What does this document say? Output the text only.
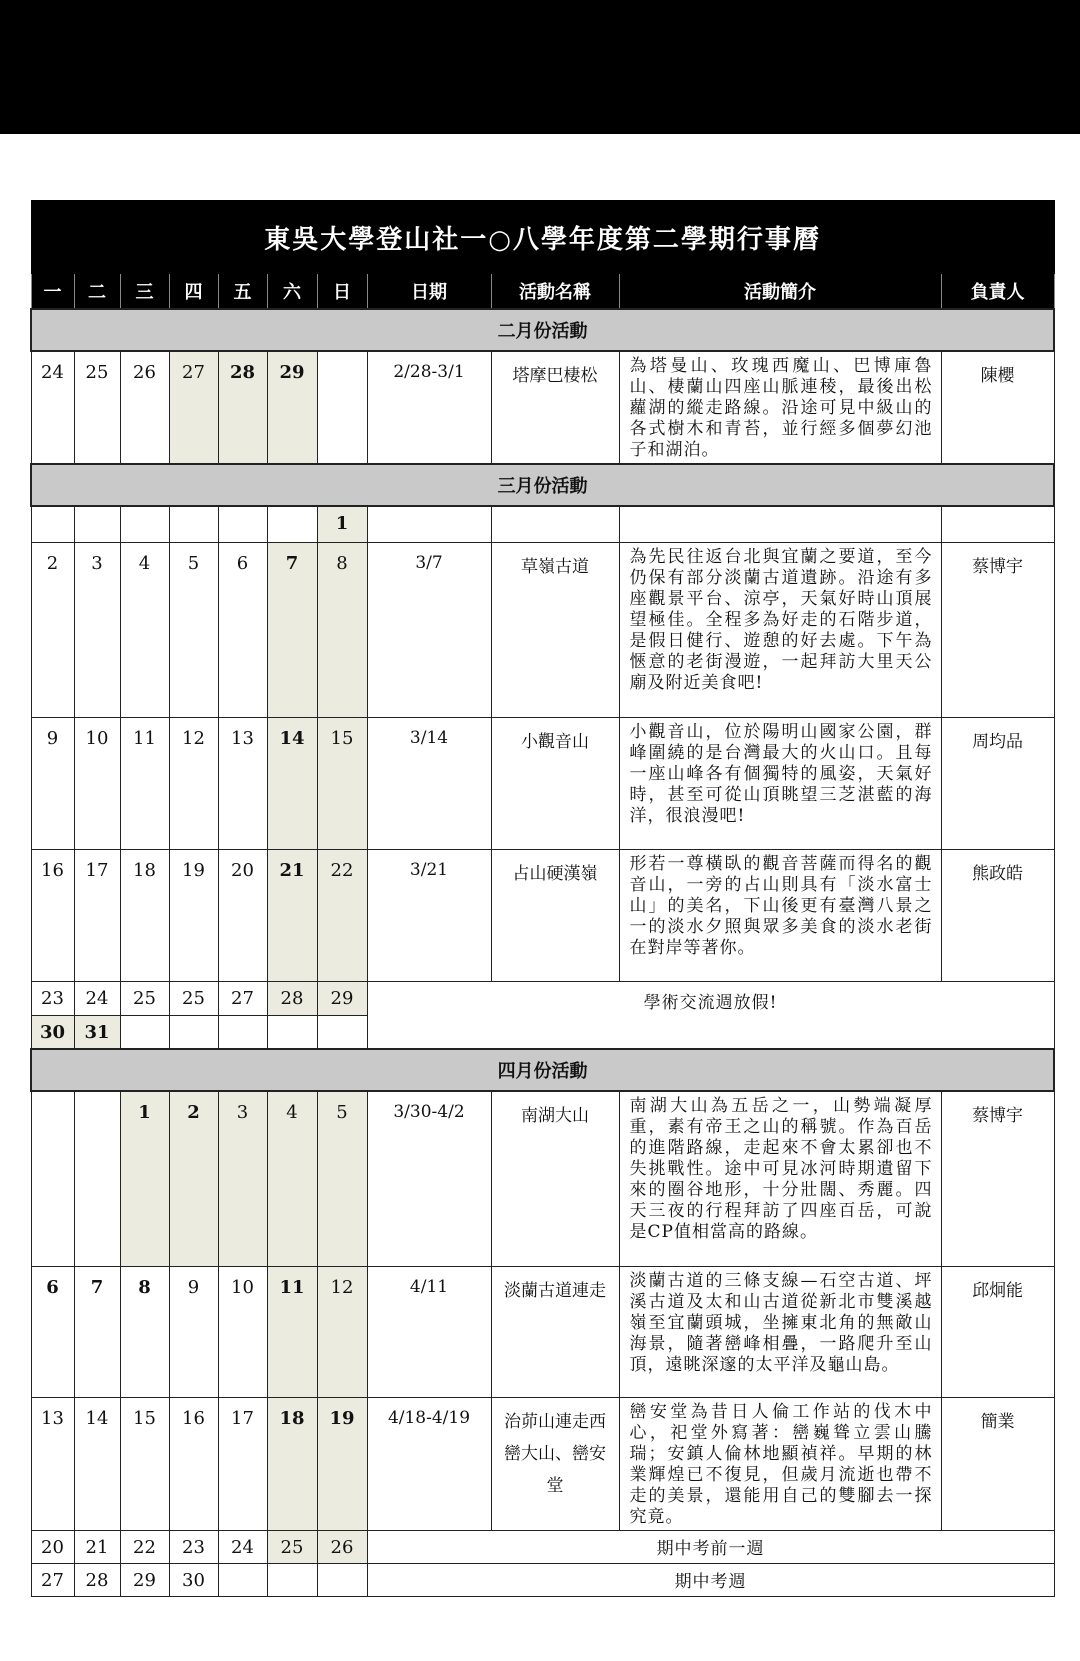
東吳大學登山社一○八學年度第二學期行事曆										
一	二	三	四	五	六	日	日期	活動名稱	活動簡介	負責人
二月份活動										
24	25	26	27	28	29		2/28-3/1	塔摩巴棲松	為塔曼山、玫瑰西魔山、巴博庫魯山、棲蘭山四座山脈連稜，最後出松蘿湖的縱走路線。沿途可見中級山的各式樹木和青苔，並行經多個夢幻池子和湖泊。	陳櫻
三月份活動										
						1				
2	3	4	5	6	7	8	3/7	草嶺古道	為先民往返台北與宜蘭之要道，至今仍保有部分淡蘭古道遺跡。沿途有多座觀景平台、涼亭，天氣好時山頂展望極佳。全程多為好走的石階步道，是假日健行、遊憩的好去處。下午為愜意的老街漫遊，一起拜訪大里天公廟及附近美食吧!	蔡博宇
9	10	11	12	13	14	15	3/14	小觀音山	小觀音山，位於陽明山國家公園，群峰圍繞的是台灣最大的火山口。且每一座山峰各有個獨特的風姿，天氣好時，甚至可從山頂眺望三芝湛藍的海洋，很浪漫吧!	周均品
16	17	18	19	20	21	22	3/21	占山硬漢嶺	形若一尊橫臥的觀音菩薩而得名的觀音山，一旁的占山則具有「淡水富士山」的美名，下山後更有臺灣八景之一的淡水夕照與眾多美食的淡水老街在對岸等著你。	熊政皓
23	24	25	25	27	28	29	學術交流週放假!			
30	31									
四月份活動										
		1	2	3	4	5	3/30-4/2	南湖大山	南湖大山為五岳之一，山勢端凝厚重，素有帝王之山的稱號。作為百岳的進階路線，走起來不會太累卻也不失挑戰性。途中可見冰河時期遺留下來的圈谷地形，十分壯闊、秀麗。四天三夜的行程拜訪了四座百岳，可說是CP值相當高的路線。	蔡博宇
6	7	8	9	10	11	12	4/11	淡蘭古道連走	淡蘭古道的三條支線—石空古道、坪溪古道及太和山古道從新北市雙溪越嶺至宜蘭頭城，坐擁東北角的無敵山海景，隨著巒峰相疊，一路爬升至山頂，遠眺深邃的太平洋及龜山島。	邱炯能
13	14	15	16	17	18	19	4/18-4/19	治茆山連走西巒大山、巒安堂	巒安堂為昔日人倫工作站的伐木中心，祀堂外寫著：巒巍聳立雲山騰瑞；安鎮人倫林地顯禎祥。早期的林業輝煌已不復見，但歲月流逝也帶不走的美景，還能用自己的雙腳去一探究竟。	簡業
20	21	22	23	24	25	26	期中考前一週			
27	28	29	30				期中考週			
